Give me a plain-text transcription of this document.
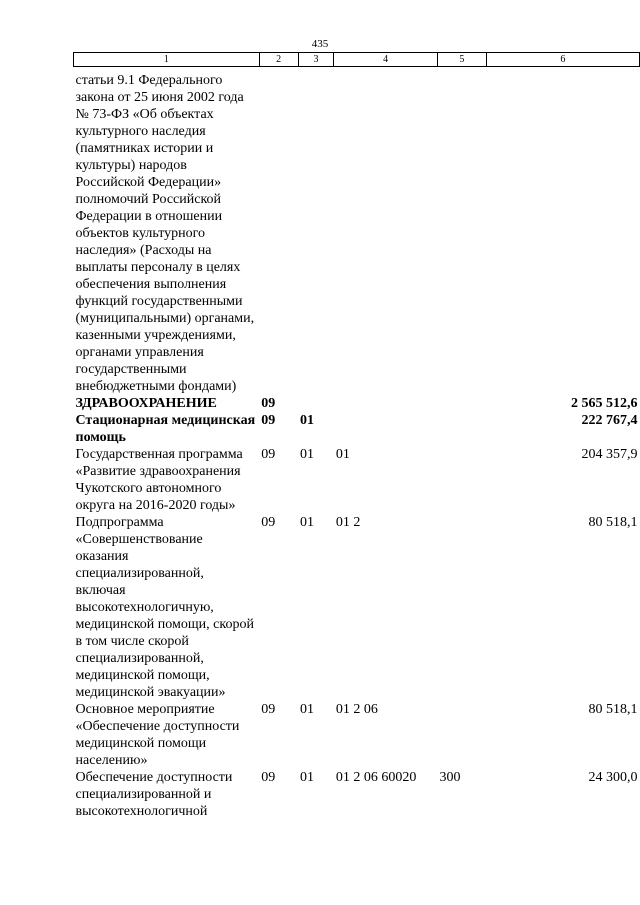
435
1	2	3	4	5	6
статьи 9.1 Федерального закона от 25 июня 2002 года № 73-ФЗ «Об объектах культурного наследия (памятниках истории и культуры) народов Российской Федерации» полномочий Российской Федерации в отношении объектов культурного наследия» (Расходы на выплаты персоналу в целях обеспечения выполнения функций государственными (муниципальными) органами, казенными учреждениями, органами управления государственными внебюджетными фондами)					
ЗДРАВООХРАНЕНИЕ	09				2 565 512,6
Стационарная медицинская помощь	09	01			222 767,4
Государственная программа «Развитие здравоохранения Чукотского автономного округа на 2016-2020 годы»	09	01	01		204 357,9
Подпрограмма «Совершенствование оказания специализированной, включая высокотехнологичную, медицинской помощи, скорой в том числе скорой специализированной, медицинской помощи, медицинской эвакуации»	09	01	01 2		80 518,1
Основное мероприятие «Обеспечение доступности медицинской помощи населению»	09	01	01 2 06		80 518,1
Обеспечение доступности специализированной и высокотехнологичной	09	01	01 2 06 60020	300	24 300,0
